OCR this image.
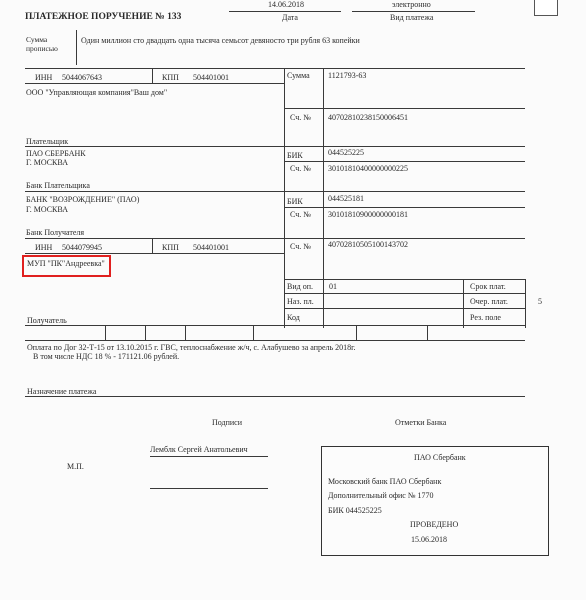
ПЛАТЕЖНОЕ ПОРУЧЕНИЕ № 133
14.06.2018
Дата
электронно
Вид платежа
Сумма прописью
Один миллион сто двадцать одна тысяча семьсот девяносто три рубля 63 копейки
ИНН 5044067643	КПП 504401001	Сумма 1121793-63
ООО "Управляющая компания"Ваш дом"
Сч. № 40702810238150006451
Плательщик
ПАО СБЕРБАНК
Г. МОСКВА
БИК	044525225
Сч. № 30101810400000000225
Банк Плательщика
БАНК "ВОЗРОЖДЕНИЕ" (ПАО)
Г. МОСКВА
БИК	044525181
Сч. № 30101810900000000181
Банк Получателя
ИНН 5044079945	КПП 504401001	Сч. № 40702810505100143702
МУП "ПК"Андреевка"
Вид оп. 01	Срок плат.
Наз. пл.	Очер. плат.	5
Код	Рез. поле
Получатель
Оплата по Дог 32-Т-15 от 13.10.2015 г. ГВС, теплоснабжение ж/ч, с. Алабушево за апрель 2018г.
В том числе НДС 18 % - 171121.06 рублей.
Назначение платежа
Подписи	Отметки Банка
Лемблк Сергей Анатольевич
М.П.
ПАО Сбербанк
Московский банк ПАО Сбербанк
Дополнительный офис № 1770
БИК 044525225
ПРОВЕДЕНО
15.06.2018
